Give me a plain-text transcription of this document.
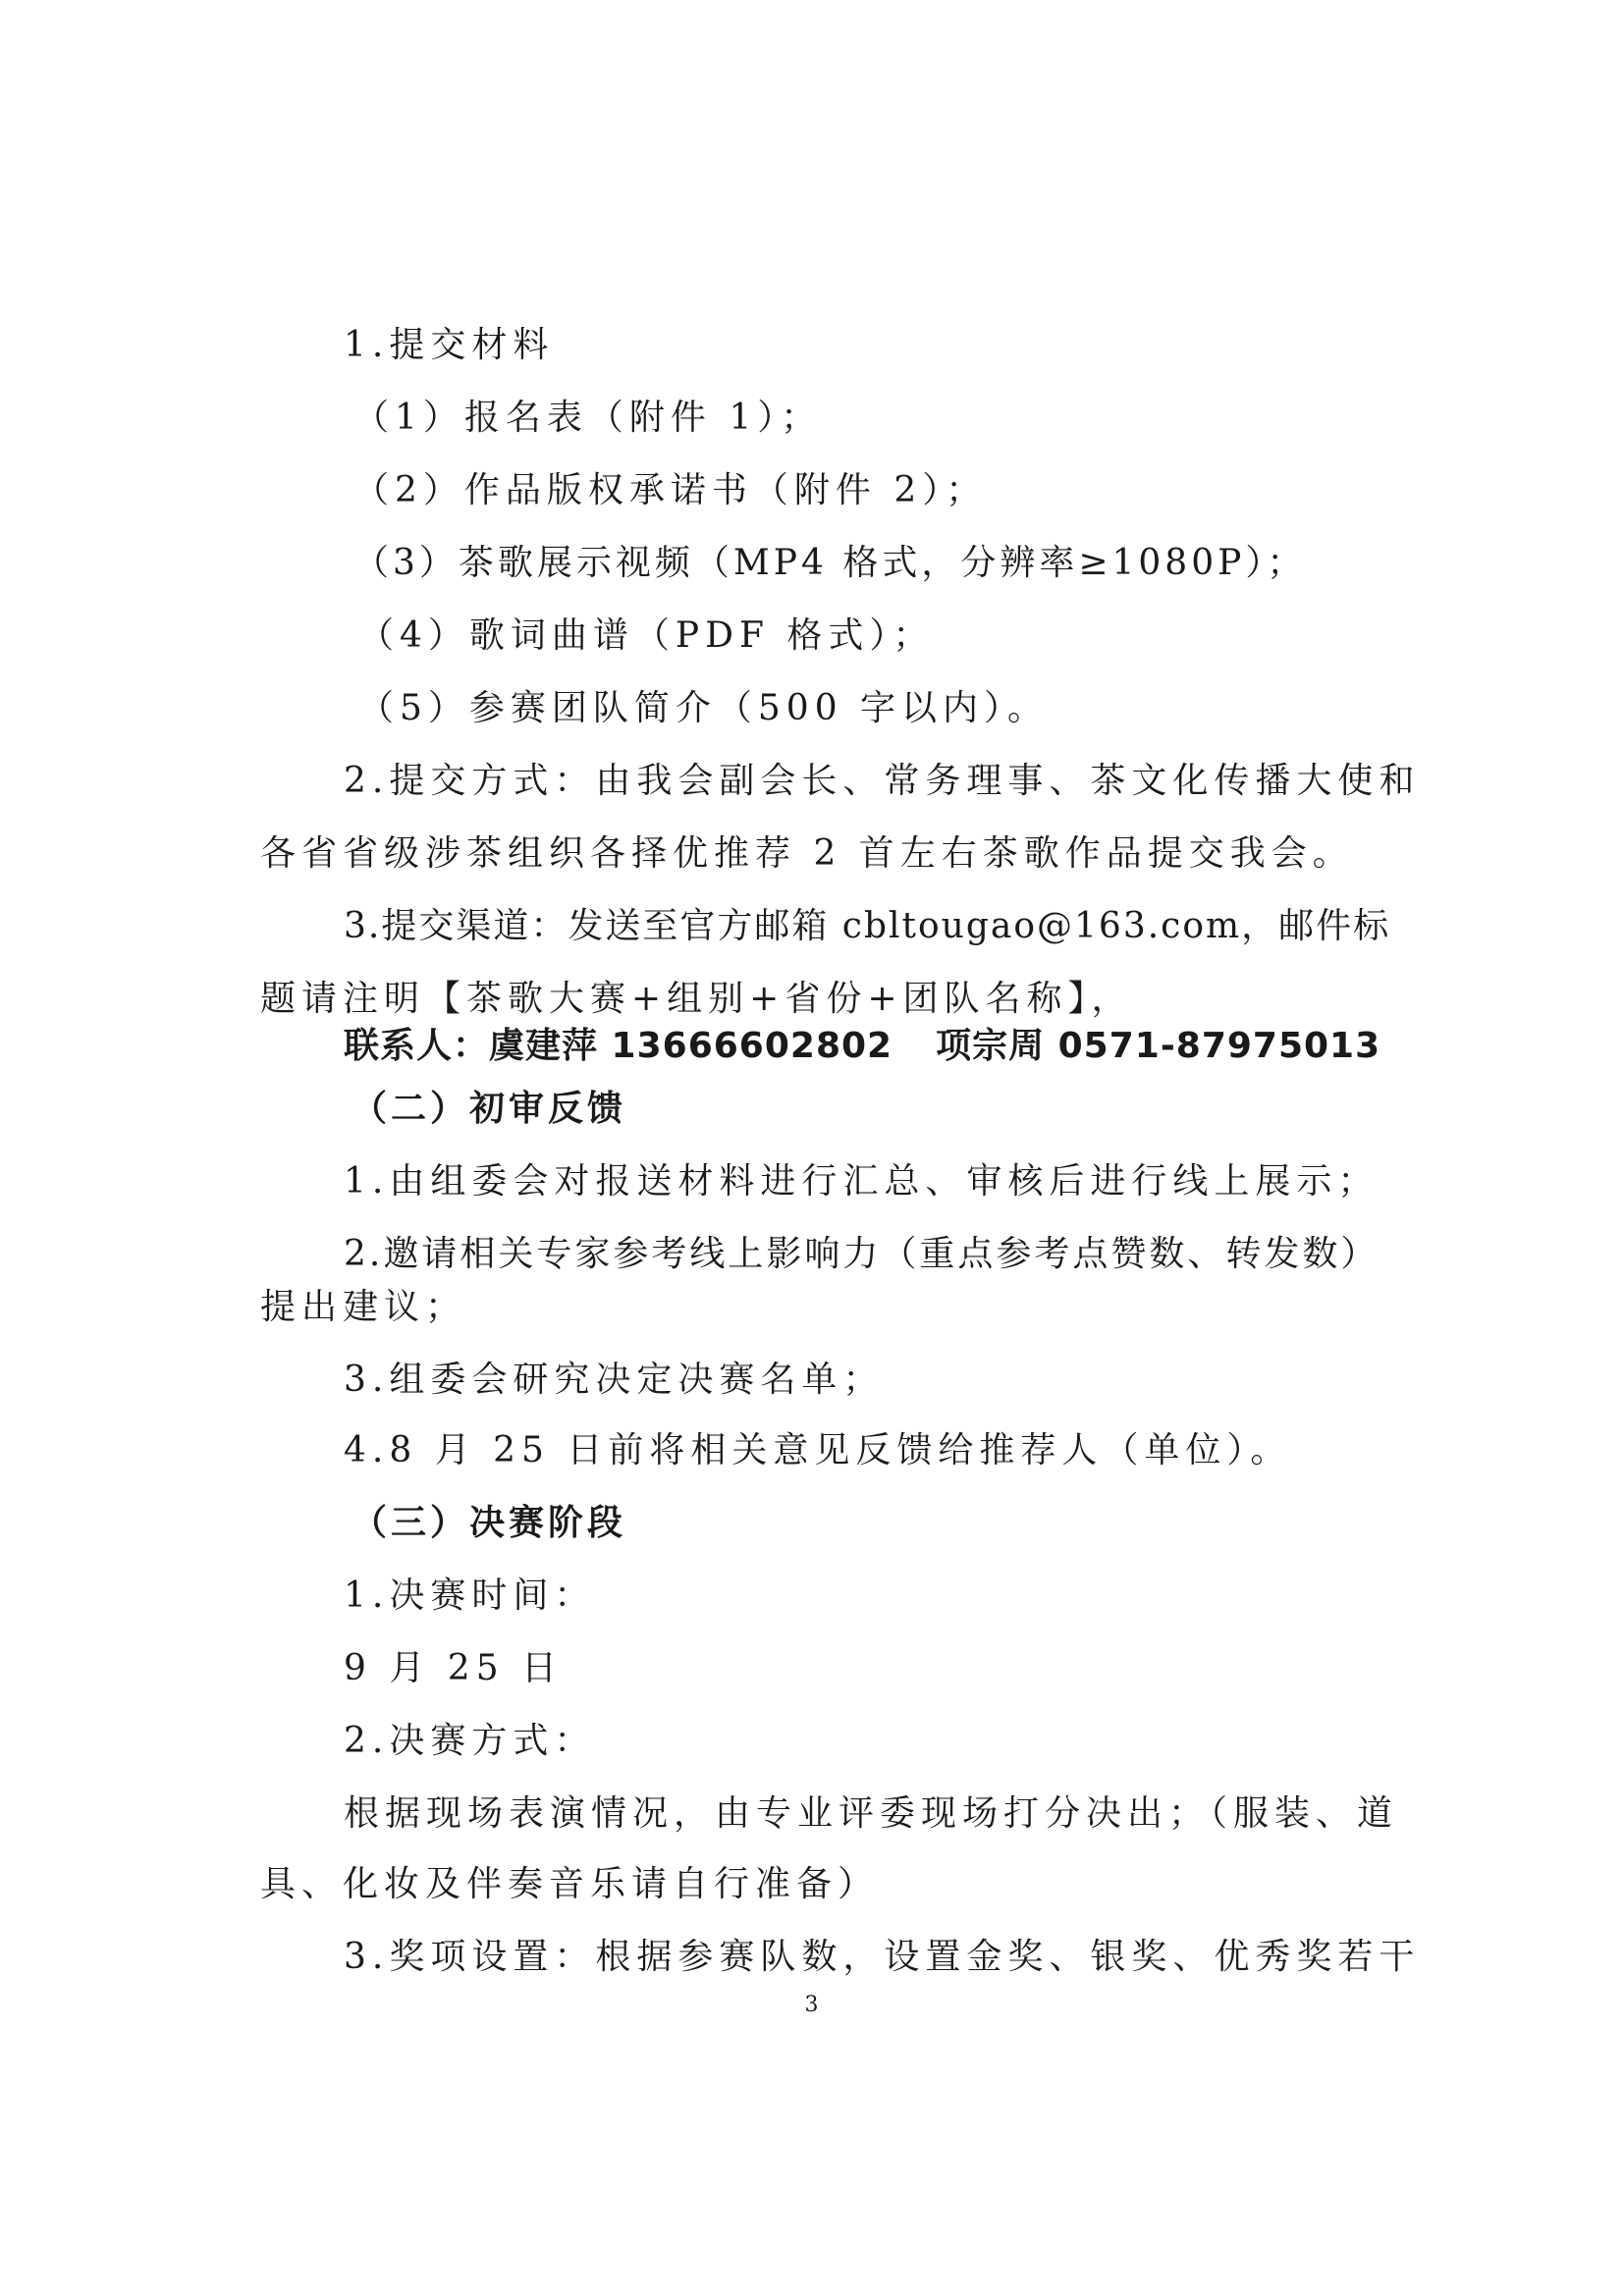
1.提交材料
（1）报名表（附件 1）；
（2）作品版权承诺书（附件 2）；
（3）茶歌展示视频（MP4 格式，分辨率≥1080P）；
（4）歌词曲谱（PDF 格式）；
（5）参赛团队简介（500 字以内）。
2.提交方式：由我会副会长、常务理事、茶文化传播大使和
各省省级涉茶组织各择优推荐 2 首左右茶歌作品提交我会。
3.提交渠道：发送至官方邮箱 cbltougao@163.com，邮件标
题请注明【茶歌大赛+组别+省份+团队名称】，
联系人：虞建萍 13666602802 项宗周 0571-87975013
（二）初审反馈
1.由组委会对报送材料进行汇总、审核后进行线上展示；
2.邀请相关专家参考线上影响力（重点参考点赞数、转发数）
提出建议；
3.组委会研究决定决赛名单；
4.8 月 25 日前将相关意见反馈给推荐人（单位）。
（三）决赛阶段
1.决赛时间：
9 月 25 日
2.决赛方式：
根据现场表演情况，由专业评委现场打分决出；（服装、道
具、化妆及伴奏音乐请自行准备）
3.奖项设置：根据参赛队数，设置金奖、银奖、优秀奖若干
3
